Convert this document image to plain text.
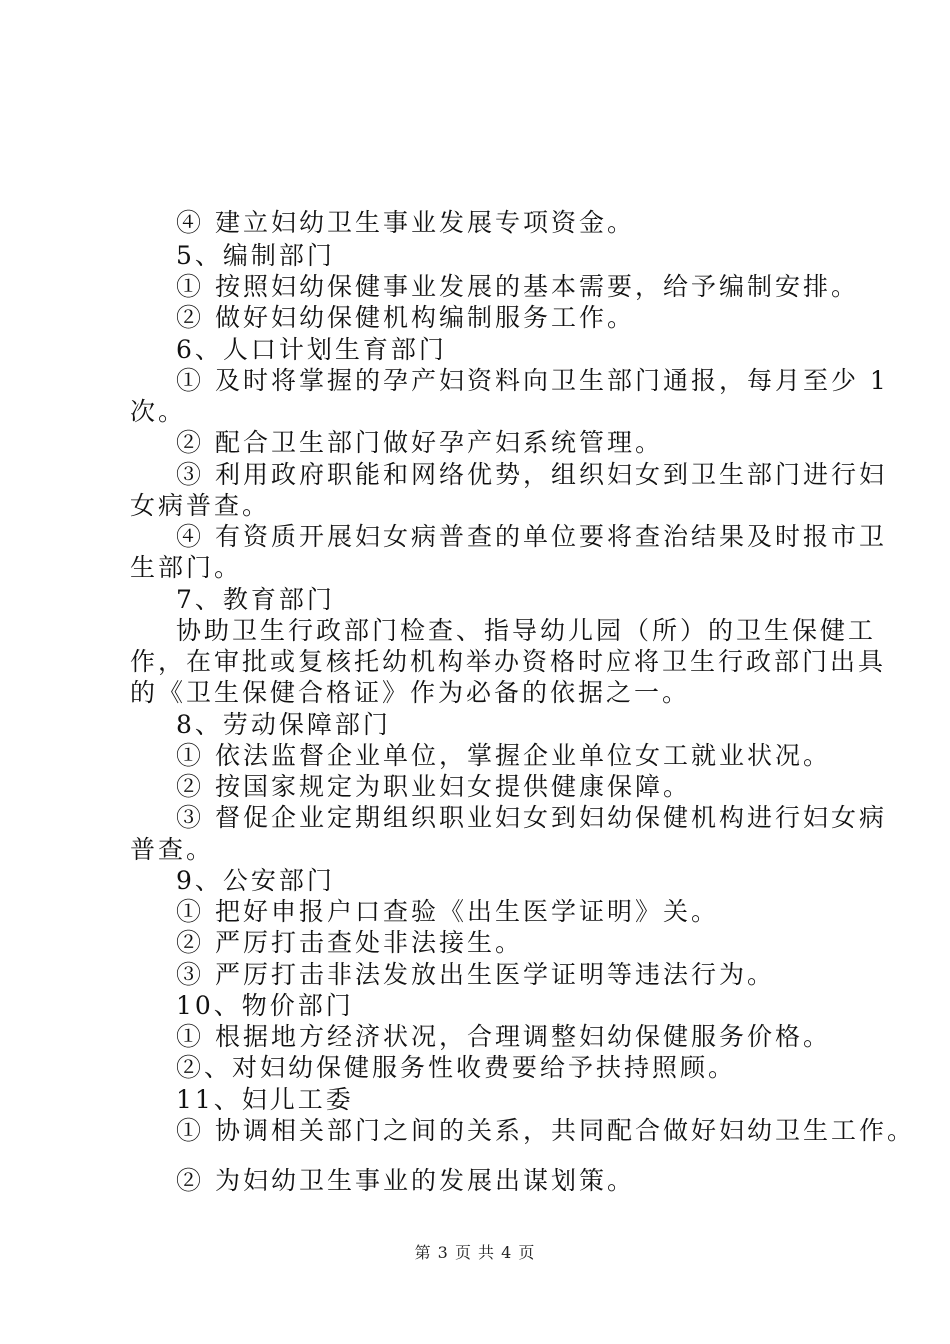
④ 建立妇幼卫生事业发展专项资金。
5、编制部门
① 按照妇幼保健事业发展的基本需要，给予编制安排。
② 做好妇幼保健机构编制服务工作。
6、人口计划生育部门
① 及时将掌握的孕产妇资料向卫生部门通报，每月至少 1
次。
② 配合卫生部门做好孕产妇系统管理。
③ 利用政府职能和网络优势，组织妇女到卫生部门进行妇
女病普查。
④ 有资质开展妇女病普查的单位要将查治结果及时报市卫
生部门。
7、教育部门
协助卫生行政部门检查、指导幼儿园（所）的卫生保健工
作，在审批或复核托幼机构举办资格时应将卫生行政部门出具
的《卫生保健合格证》作为必备的依据之一。
8、劳动保障部门
① 依法监督企业单位，掌握企业单位女工就业状况。
② 按国家规定为职业妇女提供健康保障。
③ 督促企业定期组织职业妇女到妇幼保健机构进行妇女病
普查。
9、公安部门
① 把好申报户口查验《出生医学证明》关。
② 严厉打击查处非法接生。
③ 严厉打击非法发放出生医学证明等违法行为。
10、物价部门
① 根据地方经济状况，合理调整妇幼保健服务价格。
②、对妇幼保健服务性收费要给予扶持照顾。
11、妇儿工委
① 协调相关部门之间的关系，共同配合做好妇幼卫生工作。
② 为妇幼卫生事业的发展出谋划策。
第 3 页 共 4 页
